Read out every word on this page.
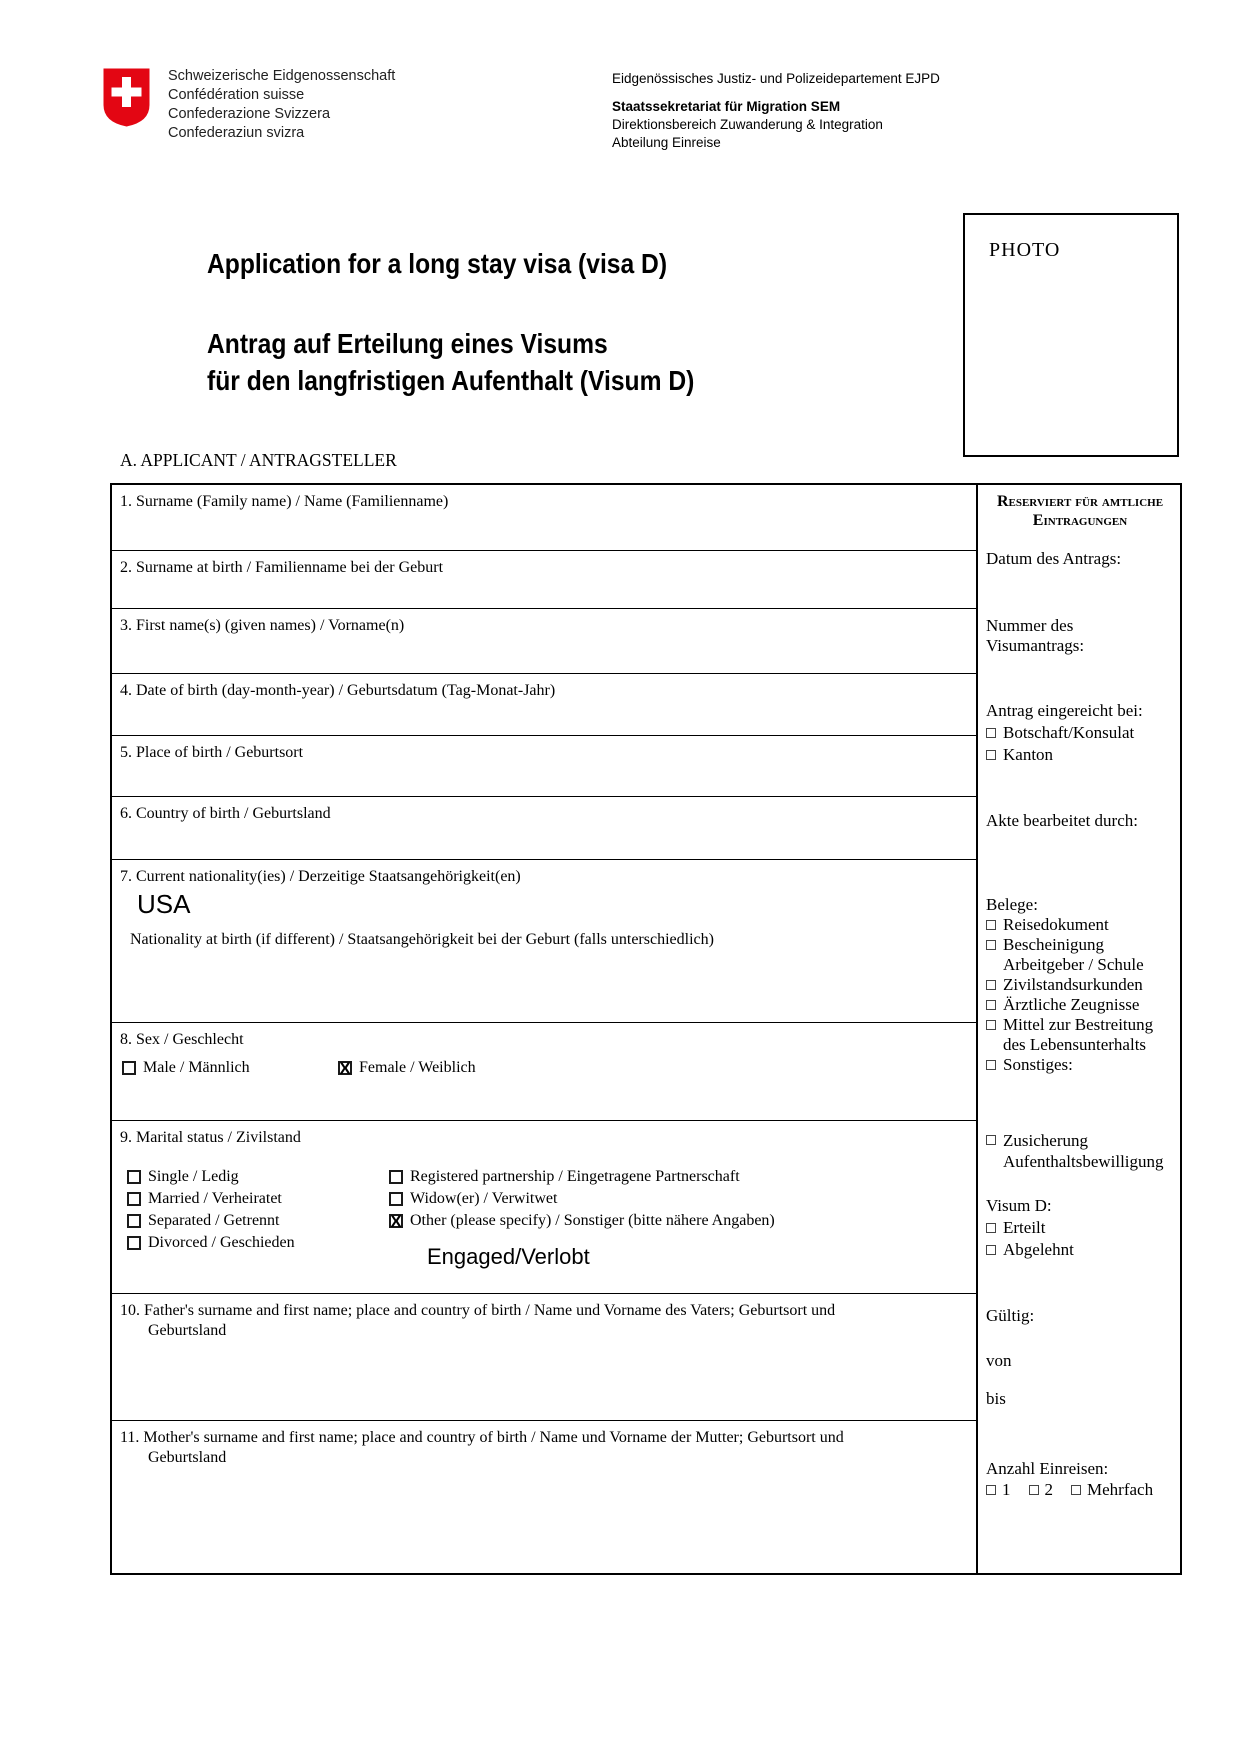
Schweizerische Eidgenossenschaft
Confédération suisse
Confederazione Svizzera
Confederaziun svizra
Eidgenössisches Justiz- und Polizeidepartement EJPD
Staatssekretariat für Migration SEM
Direktionsbereich Zuwanderung & Integration
Abteilung Einreise
Application for a long stay visa (visa D)
Antrag auf Erteilung eines Visums
für den langfristigen Aufenthalt (Visum D)
PHOTO
A. APPLICANT / ANTRAGSTELLER
1. Surname (Family name) / Name (Familienname)
2. Surname at birth / Familienname bei der Geburt
3. First name(s) (given names) / Vorname(n)
4. Date of birth (day-month-year) / Geburtsdatum (Tag-Monat-Jahr)
5. Place of birth / Geburtsort
6. Country of birth / Geburtsland
7. Current nationality(ies) / Derzeitige Staatsangehörigkeit(en)
USA
Nationality at birth (if different) / Staatsangehörigkeit bei der Geburt (falls unterschiedlich)
8. Sex / Geschlecht
Male / Männlich X	Female / Weiblich
9. Marital status / Zivilstand
Single / Ledig
Married / Verheiratet
Separated / Getrennt
Divorced / Geschieden
Registered partnership / Eingetragene Partnerschaft
Widow(er) / Verwitwet
X
Other (please specify) / Sonstiger (bitte nähere Angaben)
Engaged/Verlobt
10. Father's surname and first name; place and country of birth / Name und Vorname des Vaters; Geburtsort und
Geburtsland
11. Mother's surname and first name; place and country of birth / Name und Vorname der Mutter; Geburtsort und
Geburtsland
Reserviert für amtliche
Eintragungen
Datum des Antrags:
Nummer des
Visumantrags:
Antrag eingereicht bei:
Botschaft/Konsulat
Kanton
Akte bearbeitet durch:
Belege:
Reisedokument
Bescheinigung Arbeitgeber / Schule
Zivilstandsurkunden
Ärztliche Zeugnisse
Mittel zur Bestreitung des Lebensunterhalts
Sonstiges:
Zusicherung
Aufenthaltsbewilligung
Visum D:
Erteilt
Abgelehnt
Gültig:
von
bis
Anzahl Einreisen:
1 2 Mehrfach
